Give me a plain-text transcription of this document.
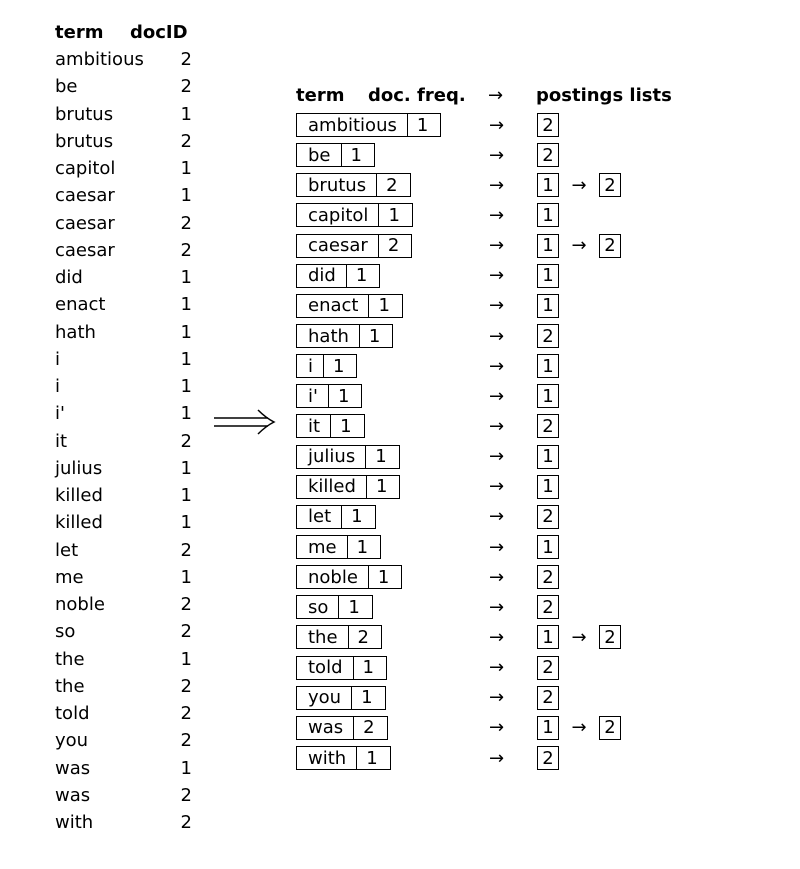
term	docID
ambitious	2
be	2
brutus	1
brutus	2
capitol	1
caesar	1
caesar	2
caesar	2
did	1
enact	1
hath	1
i	1
i	1
i'	1
it	2
julius	1
killed	1
killed	1
let	2
me	1
noble	2
so	2
the	1
the	2
told	2
you	2
was	1
was	2
with	2
term	doc. freq.	→	postings lists
ambitious	1	→ 2
be	1	→ 2
brutus	2	→ 1 → 2
capitol	1	→ 1
caesar	2	→ 1 → 2
did	1	→ 1
enact	1	→ 1
hath	1	→ 2
i	1	→ 1
i'	1	→ 1
it	1	→ 2
julius	1	→ 1
killed	1	→ 1
let	1	→ 2
me	1	→ 1
noble	1	→ 2
so	1	→ 2
the	2	→ 1 → 2
told	1	→ 2
you	1	→ 2
was	2	→ 1 → 2
with	1	→ 2
